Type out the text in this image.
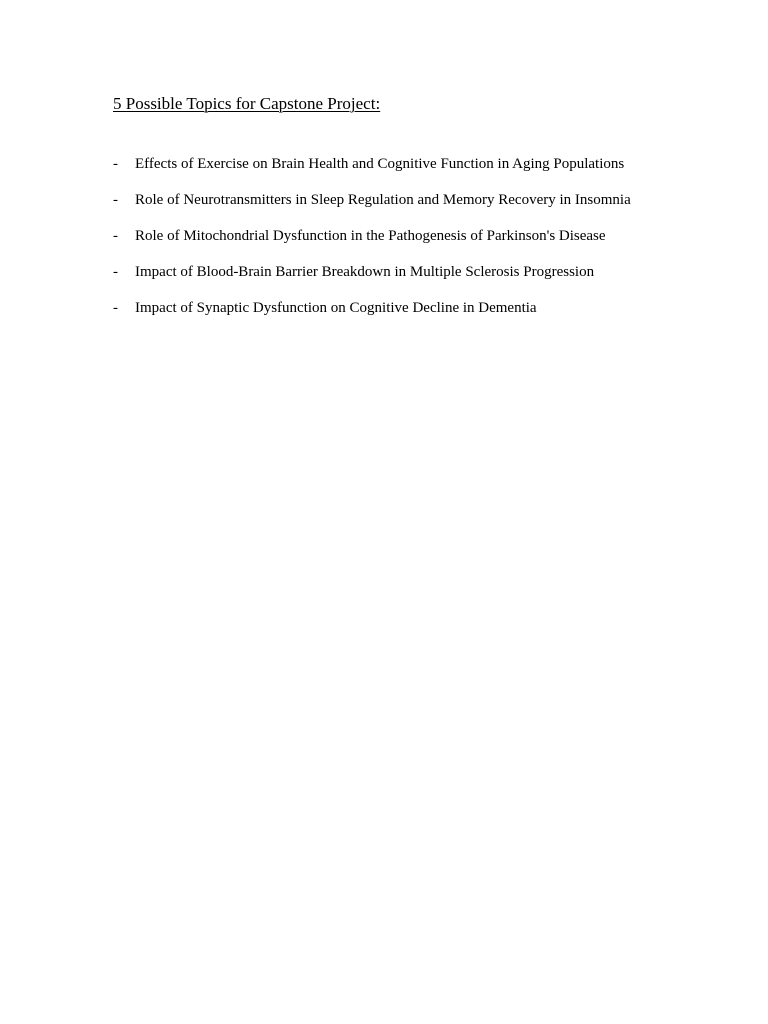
5 Possible Topics for Capstone Project:
-	Effects of Exercise on Brain Health and Cognitive Function in Aging Populations
-	Role of Neurotransmitters in Sleep Regulation and Memory Recovery in Insomnia
-	Role of Mitochondrial Dysfunction in the Pathogenesis of Parkinson's Disease
-	Impact of Blood-Brain Barrier Breakdown in Multiple Sclerosis Progression
-	Impact of Synaptic Dysfunction on Cognitive Decline in Dementia
